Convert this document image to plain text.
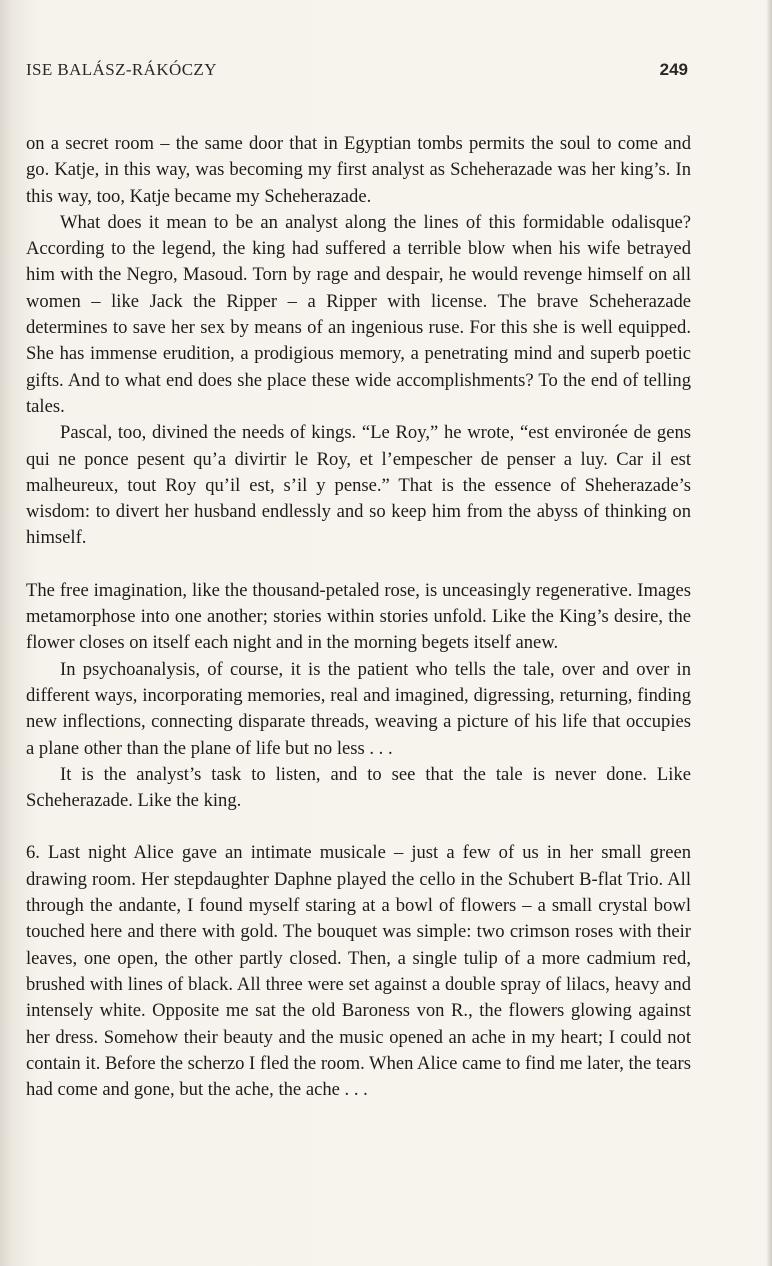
ISE BALÁSZ-RÁKÓCZY	249

on a secret room – the same door that in Egyptian tombs permits the soul to come and go. Katje, in this way, was becoming my first analyst as Scheherazade was her king’s. In this way, too, Katje became my Scheherazade.

What does it mean to be an analyst along the lines of this formidable odalisque? According to the legend, the king had suffered a terrible blow when his wife betrayed him with the Negro, Masoud. Torn by rage and despair, he would revenge himself on all women – like Jack the Ripper – a Ripper with license. The brave Scheherazade determines to save her sex by means of an ingenious ruse. For this she is well equipped. She has immense erudition, a prodigious memory, a penetrating mind and superb poetic gifts. And to what end does she place these wide accomplishments? To the end of telling tales.

Pascal, too, divined the needs of kings. “Le Roy,” he wrote, “est environée de gens qui ne ponce pesent qu’a divirtir le Roy, et l’empescher de penser a luy. Car il est malheureux, tout Roy qu’il est, s’il y pense.” That is the essence of Sheherazade’s wisdom: to divert her husband endlessly and so keep him from the abyss of thinking on himself.

The free imagination, like the thousand-petaled rose, is unceasingly regenerative. Images metamorphose into one another; stories within stories unfold. Like the King’s desire, the flower closes on itself each night and in the morning begets itself anew.

In psychoanalysis, of course, it is the patient who tells the tale, over and over in different ways, incorporating memories, real and imagined, digressing, returning, finding new inflections, connecting disparate threads, weaving a picture of his life that occupies a plane other than the plane of life but no less . . .

It is the analyst’s task to listen, and to see that the tale is never done. Like Scheherazade. Like the king.

6. Last night Alice gave an intimate musicale – just a few of us in her small green drawing room. Her stepdaughter Daphne played the cello in the Schubert B-flat Trio. All through the andante, I found myself staring at a bowl of flowers – a small crystal bowl touched here and there with gold. The bouquet was simple: two crimson roses with their leaves, one open, the other partly closed. Then, a single tulip of a more cadmium red, brushed with lines of black. All three were set against a double spray of lilacs, heavy and intensely white. Opposite me sat the old Baroness von R., the flowers glowing against her dress. Somehow their beauty and the music opened an ache in my heart; I could not contain it. Before the scherzo I fled the room. When Alice came to find me later, the tears had come and gone, but the ache, the ache . . .
